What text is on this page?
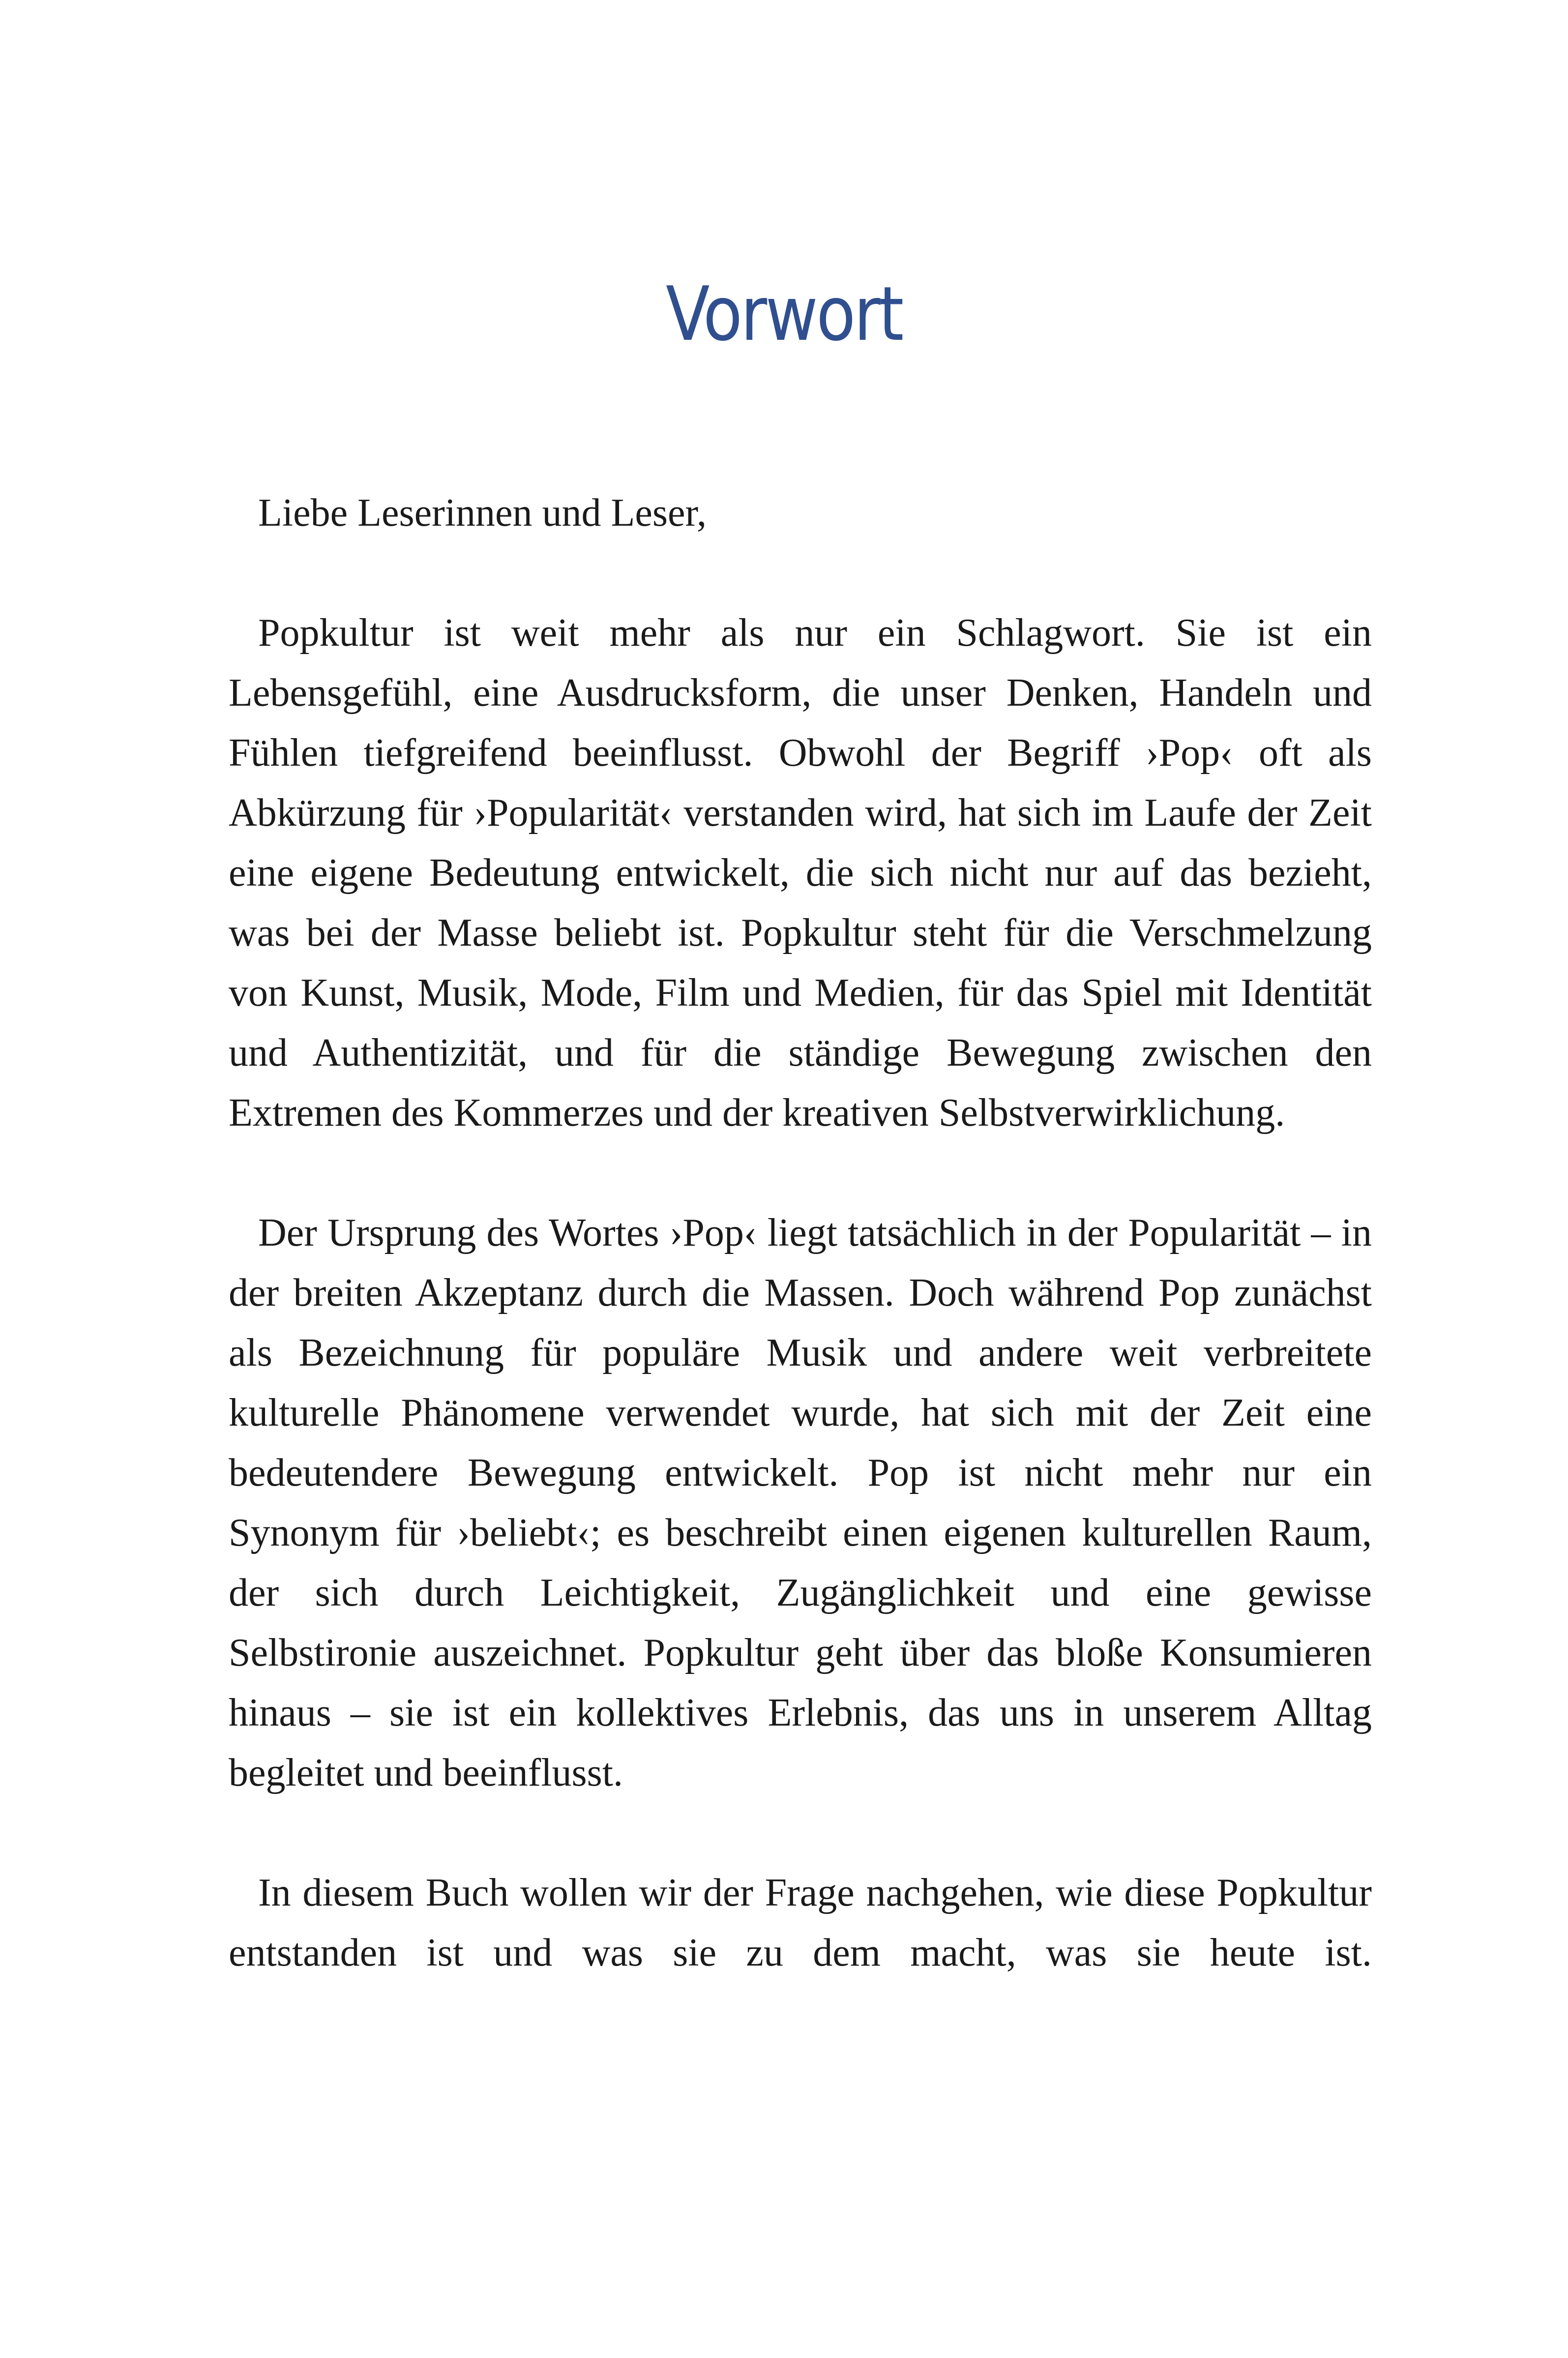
Vorwort

Liebe Leserinnen und Leser,

Popkultur ist weit mehr als nur ein Schlagwort. Sie ist ein Lebensgefühl, eine Ausdrucksform, die unser Denken, Handeln und Fühlen tiefgreifend beeinflusst. Obwohl der Begriff ›Pop‹ oft als Abkürzung für ›Popularität‹ verstanden wird, hat sich im Laufe der Zeit eine eigene Bedeutung entwickelt, die sich nicht nur auf das bezieht, was bei der Masse beliebt ist. Popkultur steht für die Verschmelzung von Kunst, Musik, Mode, Film und Medien, für das Spiel mit Identität und Authentizität, und für die ständige Bewegung zwischen den Extremen des Kommerzes und der kreativen Selbstverwirklichung.

Der Ursprung des Wortes ›Pop‹ liegt tatsächlich in der Popularität – in der breiten Akzeptanz durch die Massen. Doch während Pop zunächst als Bezeichnung für populäre Musik und andere weit verbreitete kulturelle Phänomene verwendet wurde, hat sich mit der Zeit eine bedeutendere Bewegung entwickelt. Pop ist nicht mehr nur ein Synonym für ›beliebt‹; es beschreibt einen eigenen kulturellen Raum, der sich durch Leichtigkeit, Zugänglichkeit und eine gewisse Selbstironie auszeichnet. Popkultur geht über das bloße Konsumieren hinaus – sie ist ein kollektives Erlebnis, das uns in unserem Alltag begleitet und beeinflusst.

In diesem Buch wollen wir der Frage nachgehen, wie diese Popkultur entstanden ist und was sie zu dem macht, was sie heute ist.
